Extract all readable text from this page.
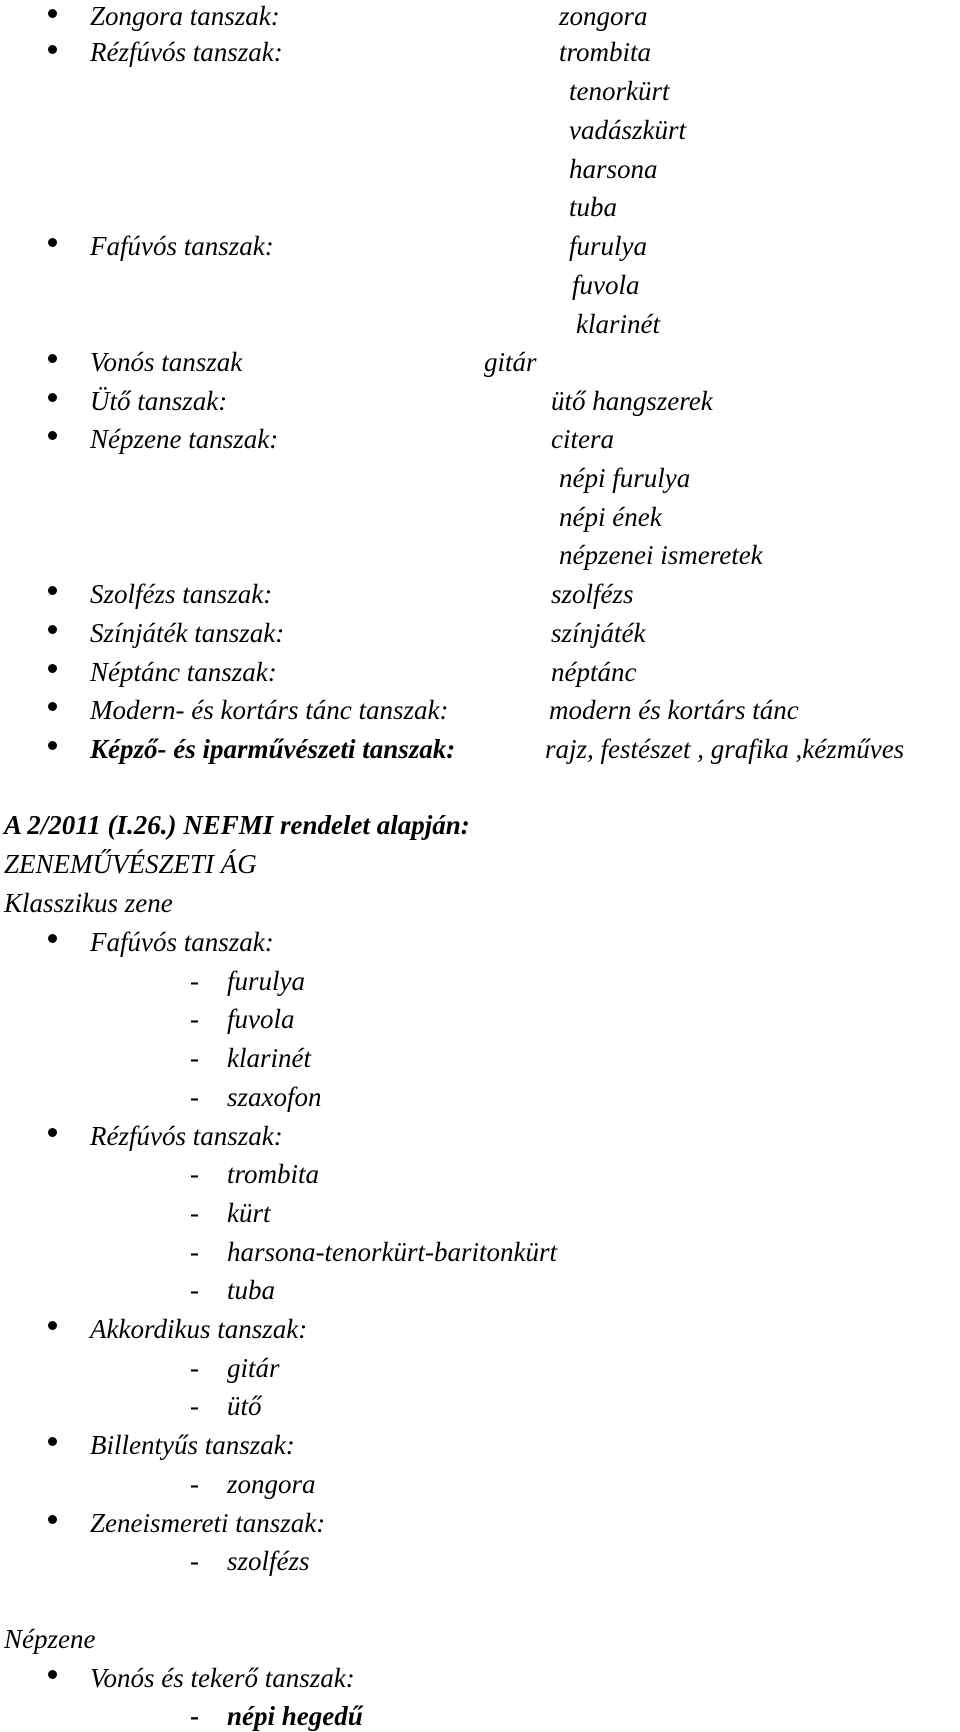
Zongora tanszak:	zongora
Rézfúvós tanszak:	trombita
tenorkürt
vadászkürt
harsona
tuba
Fafúvós tanszak:	furulya
fuvola
klarinét
Vonós tanszak	gitár
Ütő tanszak:	ütő hangszerek
Népzene tanszak:	citera
népi furulya
népi ének
népzenei ismeretek
Szolfézs tanszak:	szolfézs
Színjáték tanszak:	színjáték
Néptánc tanszak:	néptánc
Modern- és kortárs tánc tanszak:	modern és kortárs tánc
Képző- és iparművészeti tanszak:	rajz, festészet , grafika ,kézműves
A 2/2011 (I.26.) NEFMI rendelet alapján:
ZENEMŰVÉSZETI ÁG
Klasszikus zene
Fafúvós tanszak:
- furulya
- fuvola
- klarinét
- szaxofon
Rézfúvós tanszak:
- trombita
- kürt
- harsona-tenorkürt-baritonkürt
- tuba
Akkordikus tanszak:
- gitár
- ütő
Billentyűs tanszak:
- zongora
Zeneismereti tanszak:
- szolfézs
Népzene
Vonós és tekerő tanszak:
- népi hegedű
